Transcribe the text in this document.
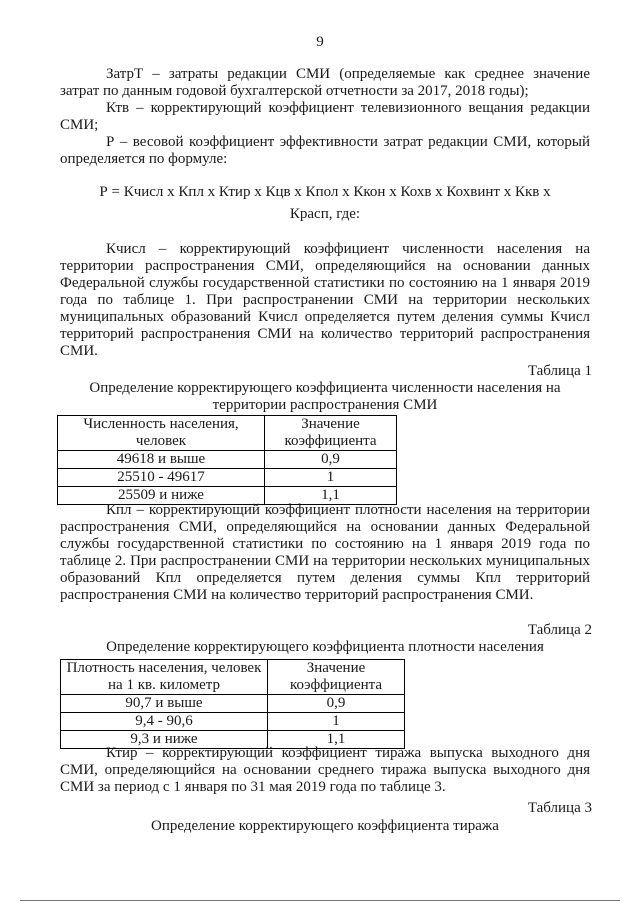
9

ЗатрТ – затраты редакции СМИ (определяемые как среднее значение затрат по данным годовой бухгалтерской отчетности за 2017, 2018 годы);

Ктв – корректирующий коэффициент телевизионного вещания редакции СМИ;

Р – весовой коэффициент эффективности затрат редакции СМИ, который определяется по формуле:

Р = Кчисл x Кпл x Ктир x Кцв x Кпол x Ккон x Кохв x Кохвинт x Ккв x

Красп, где:

Кчисл – корректирующий коэффициент численности населения на территории распространения СМИ, определяющийся на основании данных Федеральной службы государственной статистики по состоянию на 1 января 2019 года по таблице 1. При распространении СМИ на территории нескольких муниципальных образований Кчисл определяется путем деления суммы Кчисл территорий распространения СМИ на количество территорий распространения СМИ.

Таблица 1

Определение корректирующего коэффициента численности населения на территории распространения СМИ

Численность населения, человек	Значение коэффициента
49618 и выше	0,9
25510 - 49617	1
25509 и ниже	1,1

Кпл – корректирующий коэффициент плотности населения на территории распространения СМИ, определяющийся на основании данных Федеральной службы государственной статистики по состоянию на 1 января 2019 года по таблице 2. При распространении СМИ на территории нескольких муниципальных образований Кпл определяется путем деления суммы Кпл территорий распространения СМИ на количество территорий распространения СМИ.

Таблица 2

Определение корректирующего коэффициента плотности населения

Плотность населения, человек на 1 кв. километр	Значение коэффициента
90,7 и выше	0,9
9,4 - 90,6	1
9,3 и ниже	1,1

Ктир – корректирующий коэффициент тиража выпуска выходного дня СМИ, определяющийся на основании среднего тиража выпуска выходного дня СМИ за период с 1 января по 31 мая 2019 года по таблице 3.

Таблица 3

Определение корректирующего коэффициента тиража
